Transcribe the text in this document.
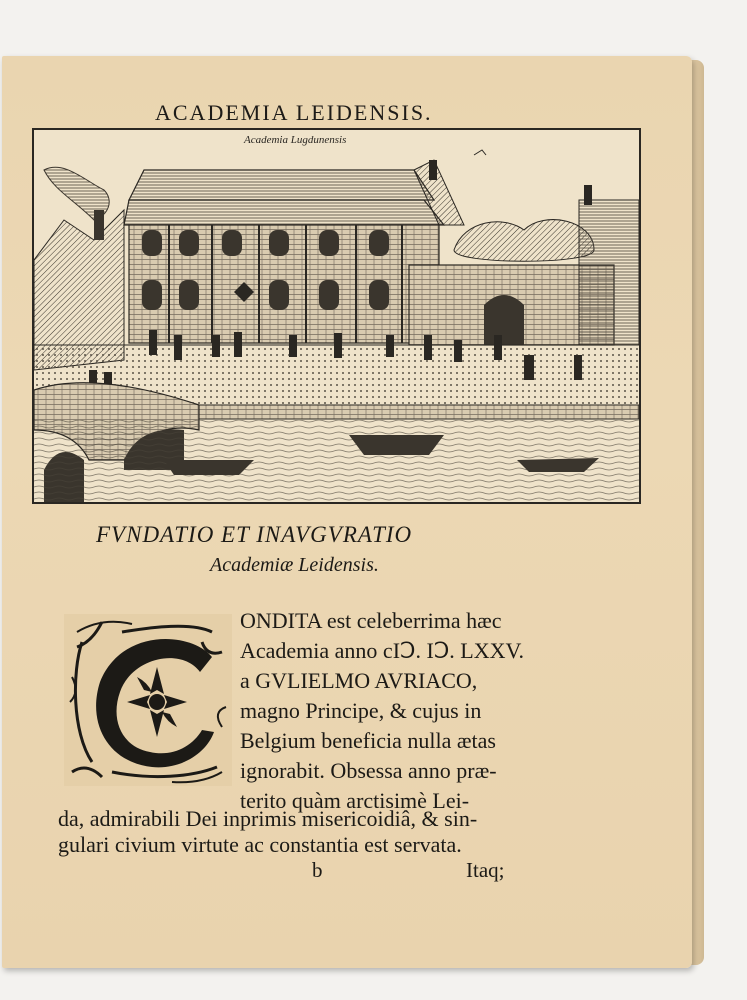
ACADEMIA LEIDENSIS.
Academia Lugdunensis
FVNDATIO ET INAVGVRATIO
Academiæ Leidensis.
ONDITA est celeberrima hæc
Academia anno cIↃ. IↃ. LXXV.
a GVLIELMO AVRIACO,
magno Principe, & cujus in
Belgium beneficia nulla ætas
ignorabit. Obsessa anno præ-
terito quàm arctisimè Lei-
da, admirabili Dei inprimis misericoidiâ, & sin-
gulari civium virtute ac constantia est servata.
b	Itaq;
